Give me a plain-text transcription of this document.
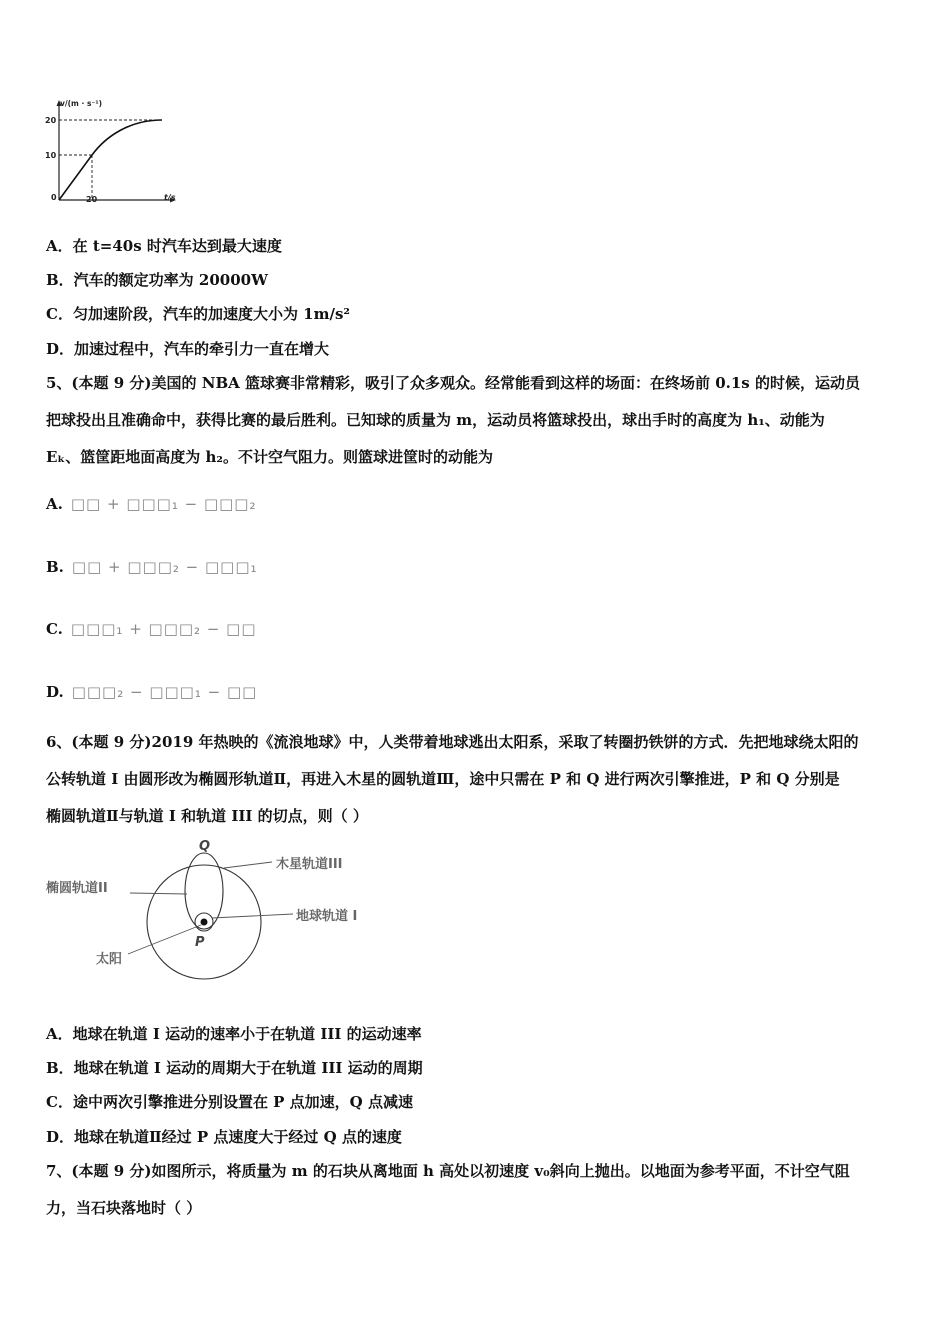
v/(m · s⁻¹)
t/s
0
20
10
20
A．在 t=40s 时汽车达到最大速度
B．汽车的额定功率为 20000W
C．匀加速阶段，汽车的加速度大小为 1m/s²
D．加速过程中，汽车的牵引力一直在增大
5、(本题 9 分)美国的 NBA 篮球赛非常精彩，吸引了众多观众。经常能看到这样的场面：在终场前 0.1s 的时候，运动员
把球投出且准确命中，获得比赛的最后胜利。已知球的质量为 m，运动员将篮球投出，球出手时的高度为 h₁、动能为
Eₖ、篮筐距地面高度为 h₂。不计空气阻力。则篮球进筐时的动能为
A. □□ + □□□₁ − □□□₂
B. □□ + □□□₂ − □□□₁
C. □□□₁ + □□□₂ − □□
D. □□□₂ − □□□₁ − □□
6、(本题 9 分)2019 年热映的《流浪地球》中，人类带着地球逃出太阳系，采取了转圈扔铁饼的方式．先把地球绕太阳的
公转轨道 I 由圆形改为椭圆形轨道Ⅱ，再进入木星的圆轨道Ⅲ，途中只需在 P 和 Q 进行两次引擎推进，P 和 Q 分别是
椭圆轨道Ⅱ与轨道 I 和轨道 III 的切点，则（ ）
Q
P
木星轨道III
椭圆轨道II
地球轨道 I
太阳
A．地球在轨道 I 运动的速率小于在轨道 III 的运动速率
B．地球在轨道 I 运动的周期大于在轨道 III 运动的周期
C．途中两次引擎推进分别设置在 P 点加速，Q 点减速
D．地球在轨道Ⅱ经过 P 点速度大于经过 Q 点的速度
7、(本题 9 分)如图所示，将质量为 m 的石块从离地面 h 高处以初速度 v₀斜向上抛出。以地面为参考平面，不计空气阻
力，当石块落地时（ ）
